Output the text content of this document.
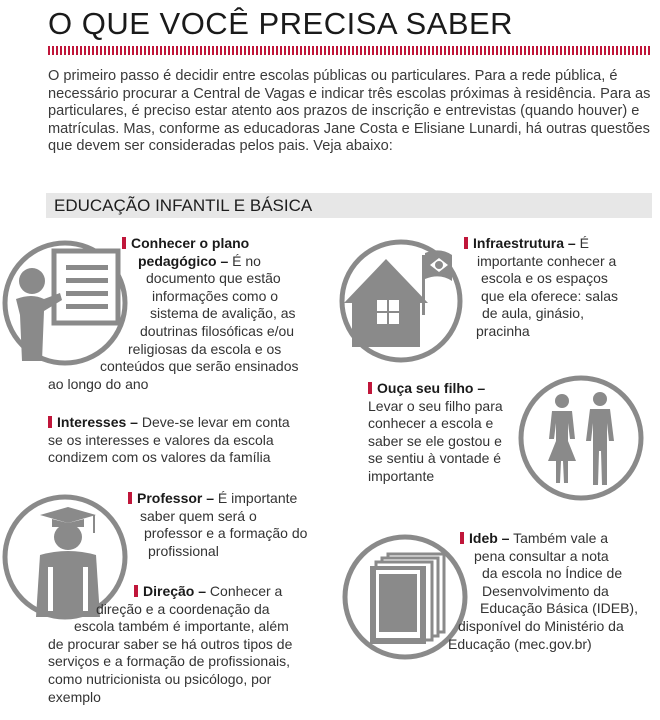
O QUE VOCÊ PRECISA SABER

O primeiro passo é decidir entre escolas públicas ou particulares. Para a rede pública, é necessário procurar a Central de Vagas e indicar três escolas próximas à residência. Para as particulares, é preciso estar atento aos prazos de inscrição e entrevistas (quando houver) e matrículas. Mas, conforme as educadoras Jane Costa e Elisiane Lunardi, há outras questões que devem ser consideradas pelos pais. Veja abaixo:

EDUCAÇÃO INFANTIL E BÁSICA
Conhecer o plano
pedagógico – É no
documento que estão
informações como o
sistema de avalição, as
doutrinas filosóficas e/ou
religiosas da escola e os
conteúdos que serão ensinados
ao longo do ano
Interesses – Deve-se levar em conta
se os interesses e valores da escola
condizem com os valores da família
Professor – É importante
saber quem será o
professor e a formação do
profissional
Direção – Conhecer a
direção e a coordenação da
escola também é importante, além
de procurar saber se há outros tipos de
serviços e a formação de profissionais,
como nutricionista ou psicólogo, por
exemplo
Infraestrutura – É
importante conhecer a
escola e os espaços
que ela oferece: salas
de aula, ginásio,
pracinha
Ouça seu filho –
Levar o seu filho para
conhecer a escola e
saber se ele gostou e
se sentiu à vontade é
importante
Ideb – Também vale a
pena consultar a nota
da escola no Índice de
Desenvolvimento da
Educação Básica (IDEB),
disponível do Ministério da
Educação (mec.gov.br)
